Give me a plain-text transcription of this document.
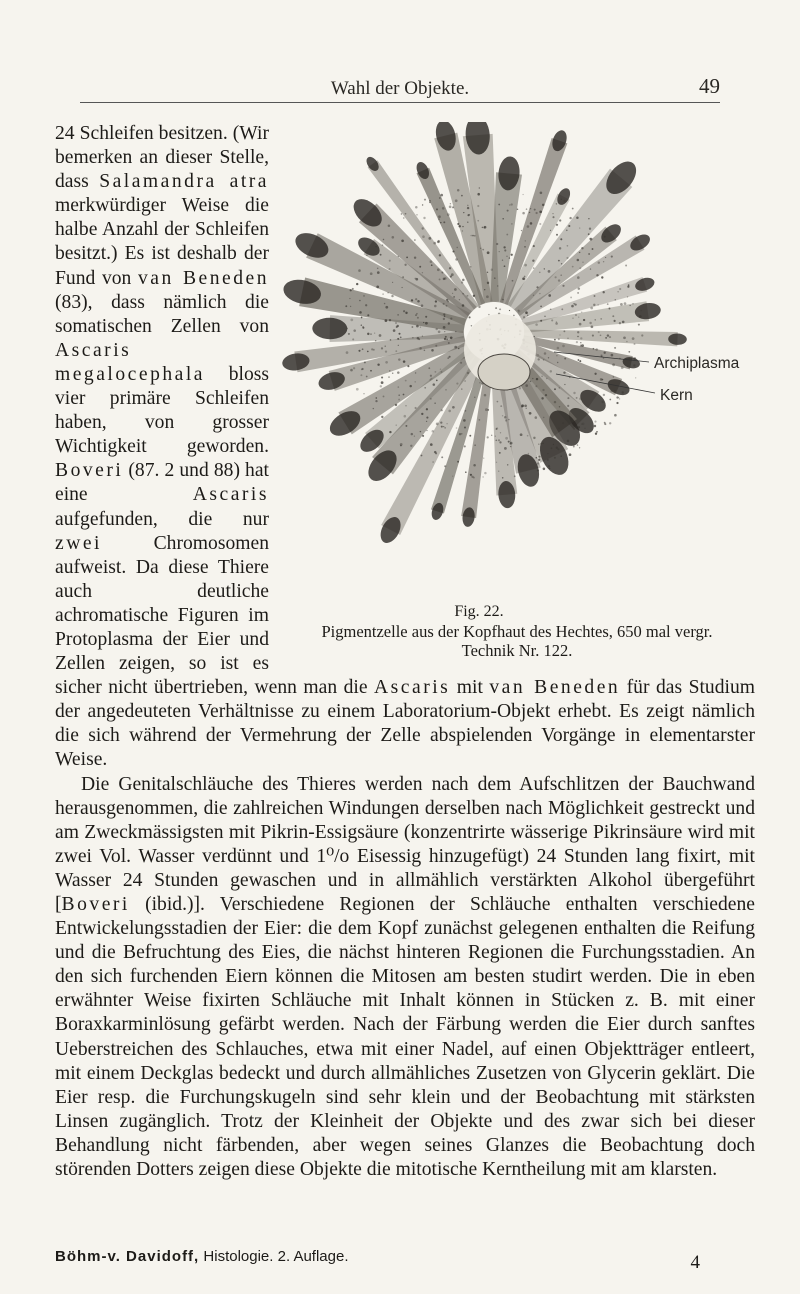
Wahl der Objekte.	49
Archiplasma
Kern
Fig. 22.
Pigmentzelle aus der Kopfhaut des Hechtes, 650 mal vergr.
Technik Nr. 122.

24 Schleifen besitzen. (Wir bemerken an dieser Stelle, dass Salamandra atra merkwürdiger Weise die halbe Anzahl der Schleifen besitzt.) Es ist deshalb der Fund von van Beneden (83), dass nämlich die somatischen Zellen von Ascaris megalocephala bloss vier primäre Schleifen haben, von grosser Wichtigkeit geworden. Boveri (87. 2 und 88) hat eine Ascaris aufgefunden, die nur zwei Chromosomen aufweist. Da diese Thiere auch deutliche achromatische Figuren im Protoplasma der Eier und Zellen zeigen, so ist es sicher nicht übertrieben, wenn man die Ascaris mit van Beneden für das Studium der angedeuteten Verhältnisse zu einem Laboratorium-Objekt erhebt. Es zeigt nämlich die sich während der Vermehrung der Zelle abspielenden Vorgänge in elementarster Weise.

Die Genitalschläuche des Thieres werden nach dem Aufschlitzen der Bauchwand herausgenommen, die zahlreichen Windungen derselben nach Möglichkeit gestreckt und am Zweckmässigsten mit Pikrin-Essigsäure (konzentrirte wässerige Pikrinsäure wird mit zwei Vol. Wasser verdünnt und 1⁰/o Eisessig hinzugefügt) 24 Stunden lang fixirt, mit Wasser 24 Stunden gewaschen und in allmählich verstärkten Alkohol übergeführt [Boveri (ibid.)]. Verschiedene Regionen der Schläuche enthalten verschiedene Entwickelungsstadien der Eier: die dem Kopf zunächst gelegenen enthalten die Reifung und die Befruchtung des Eies, die nächst hinteren Regionen die Furchungsstadien. An den sich furchenden Eiern können die Mitosen am besten studirt werden. Die in eben erwähnter Weise fixirten Schläuche mit Inhalt können in Stücken z. B. mit einer Boraxkarminlösung gefärbt werden. Nach der Färbung werden die Eier durch sanftes Ueberstreichen des Schlauches, etwa mit einer Nadel, auf einen Objektträger entleert, mit einem Deckglas bedeckt und durch allmähliches Zusetzen von Glycerin geklärt. Die Eier resp. die Furchungskugeln sind sehr klein und der Beobachtung mit stärksten Linsen zugänglich. Trotz der Kleinheit der Objekte und des zwar sich bei dieser Behandlung nicht färbenden, aber wegen seines Glanzes die Beobachtung doch störenden Dotters zeigen diese Objekte die mitotische Kerntheilung mit am klarsten.

Böhm-v. Davidoff, Histologie. 2. Auflage.	4
